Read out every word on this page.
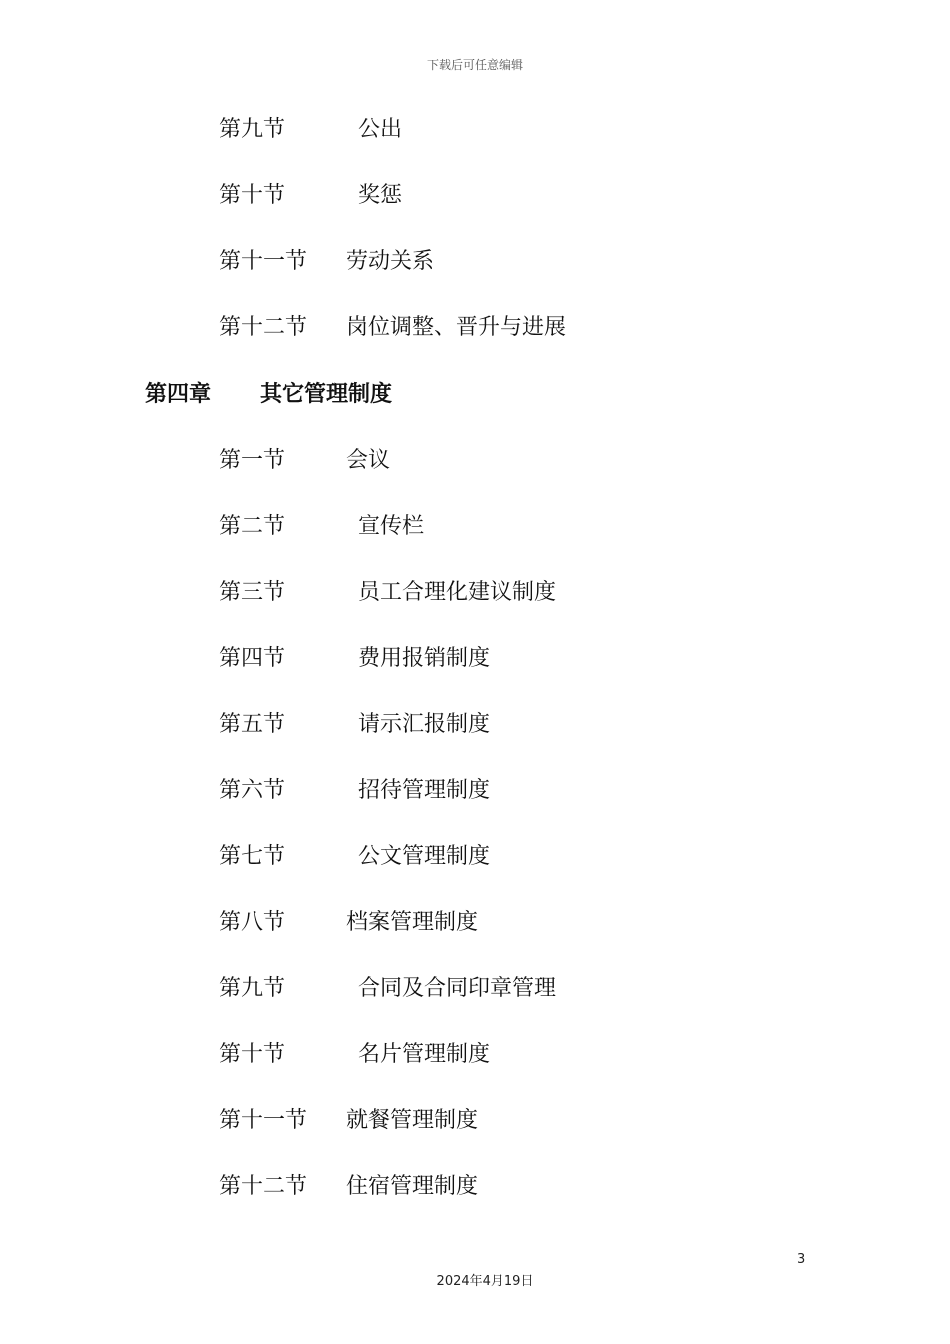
下载后可任意编辑
第九节	公出
第十节	奖惩
第十一节 劳动关系
第十二节 岗位调整、晋升与进展
第四章 其它管理制度
第一节	会议
第二节	宣传栏
第三节	员工合理化建议制度
第四节	费用报销制度
第五节	请示汇报制度
第六节	招待管理制度
第七节	公文管理制度
第八节	档案管理制度
第九节	合同及合同印章管理
第十节	名片管理制度
第十一节 就餐管理制度
第十二节 住宿管理制度
3
2024年4月19日
